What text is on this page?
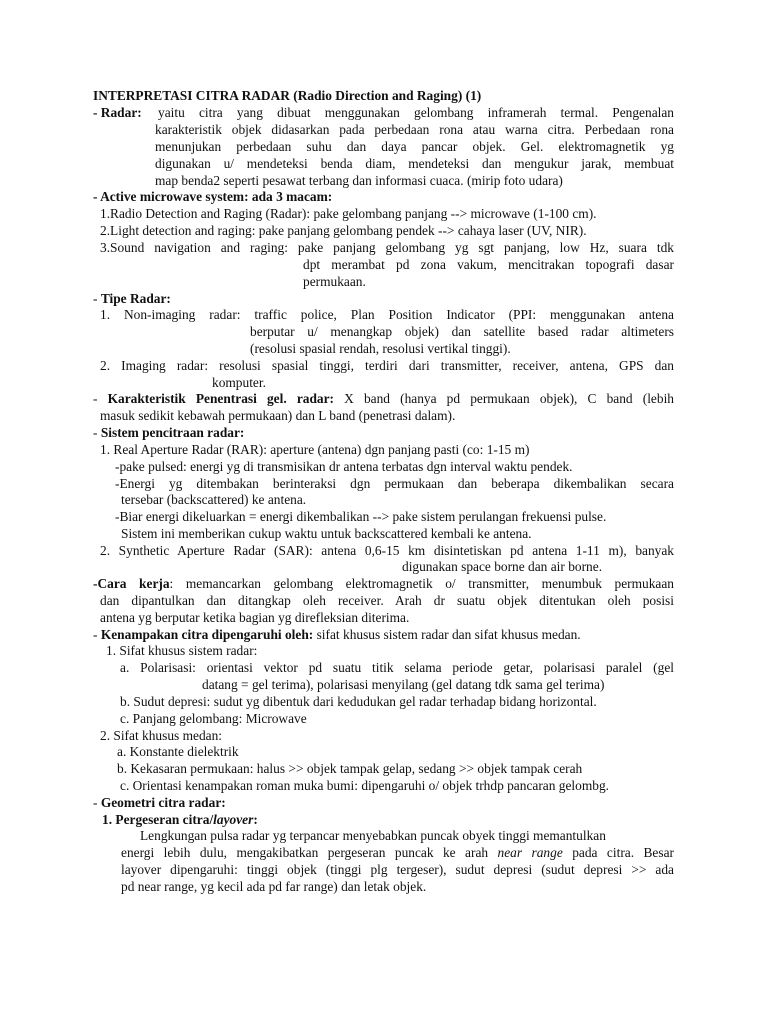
INTERPRETASI CITRA RADAR (Radio Direction and Raging) (1)
- Radar: yaitu citra yang dibuat menggunakan gelombang inframerah termal. Pengenalan
karakteristik objek didasarkan pada perbedaan rona atau warna citra. Perbedaan rona
menunjukan perbedaan suhu dan daya pancar objek. Gel. elektromagnetik yg
digunakan u/ mendeteksi benda diam, mendeteksi dan mengukur jarak, membuat
map benda2 seperti pesawat terbang dan informasi cuaca. (mirip foto udara)
- Active microwave system: ada 3 macam:
1.Radio Detection and Raging (Radar): pake gelombang panjang --> microwave (1-100 cm).
2.Light detection and raging: pake panjang gelombang pendek --> cahaya laser (UV, NIR).
3.Sound navigation and raging: pake panjang gelombang yg sgt panjang, low Hz, suara tdk
dpt merambat pd zona vakum, mencitrakan topografi dasar
permukaan.
- Tipe Radar:
1. Non-imaging radar: traffic police, Plan Position Indicator (PPI: menggunakan antena
berputar u/ menangkap objek) dan satellite based radar altimeters
(resolusi spasial rendah, resolusi vertikal tinggi).
2. Imaging radar: resolusi spasial tinggi, terdiri dari transmitter, receiver, antena, GPS dan
komputer.
- Karakteristik Penentrasi gel. radar: X band (hanya pd permukaan objek), C band (lebih
masuk sedikit kebawah permukaan) dan L band (penetrasi dalam).
- Sistem pencitraan radar:
1. Real Aperture Radar (RAR): aperture (antena) dgn panjang pasti (co: 1-15 m)
-pake pulsed: energi yg di transmisikan dr antena terbatas dgn interval waktu pendek.
-Energi yg ditembakan berinteraksi dgn permukaan dan beberapa dikembalikan secara
tersebar (backscattered) ke antena.
-Biar energi dikeluarkan = energi dikembalikan --> pake sistem perulangan frekuensi pulse.
Sistem ini memberikan cukup waktu untuk backscattered kembali ke antena.
2. Synthetic Aperture Radar (SAR): antena 0,6-15 km disintetiskan pd antena 1-11 m), banyak
digunakan space borne dan air borne.
-Cara kerja: memancarkan gelombang elektromagnetik o/ transmitter, menumbuk permukaan
dan dipantulkan dan ditangkap oleh receiver. Arah dr suatu objek ditentukan oleh posisi
antena yg berputar ketika bagian yg direfleksian diterima.
- Kenampakan citra dipengaruhi oleh: sifat khusus sistem radar dan sifat khusus medan.
1. Sifat khusus sistem radar:
a. Polarisasi: orientasi vektor pd suatu titik selama periode getar, polarisasi paralel (gel
datang = gel terima), polarisasi menyilang (gel datang tdk sama gel terima)
b. Sudut depresi: sudut yg dibentuk dari kedudukan gel radar terhadap bidang horizontal.
c. Panjang gelombang: Microwave
2. Sifat khusus medan:
a. Konstante dielektrik
b. Kekasaran permukaan: halus >> objek tampak gelap, sedang >> objek tampak cerah
c. Orientasi kenampakan roman muka bumi: dipengaruhi o/ objek trhdp pancaran gelombg.
- Geometri citra radar:
1. Pergeseran citra/layover:
Lengkungan pulsa radar yg terpancar menyebabkan puncak obyek tinggi memantulkan
energi lebih dulu, mengakibatkan pergeseran puncak ke arah near range pada citra. Besar
layover dipengaruhi: tinggi objek (tinggi plg tergeser), sudut depresi (sudut depresi >> ada
pd near range, yg kecil ada pd far range) dan letak objek.
